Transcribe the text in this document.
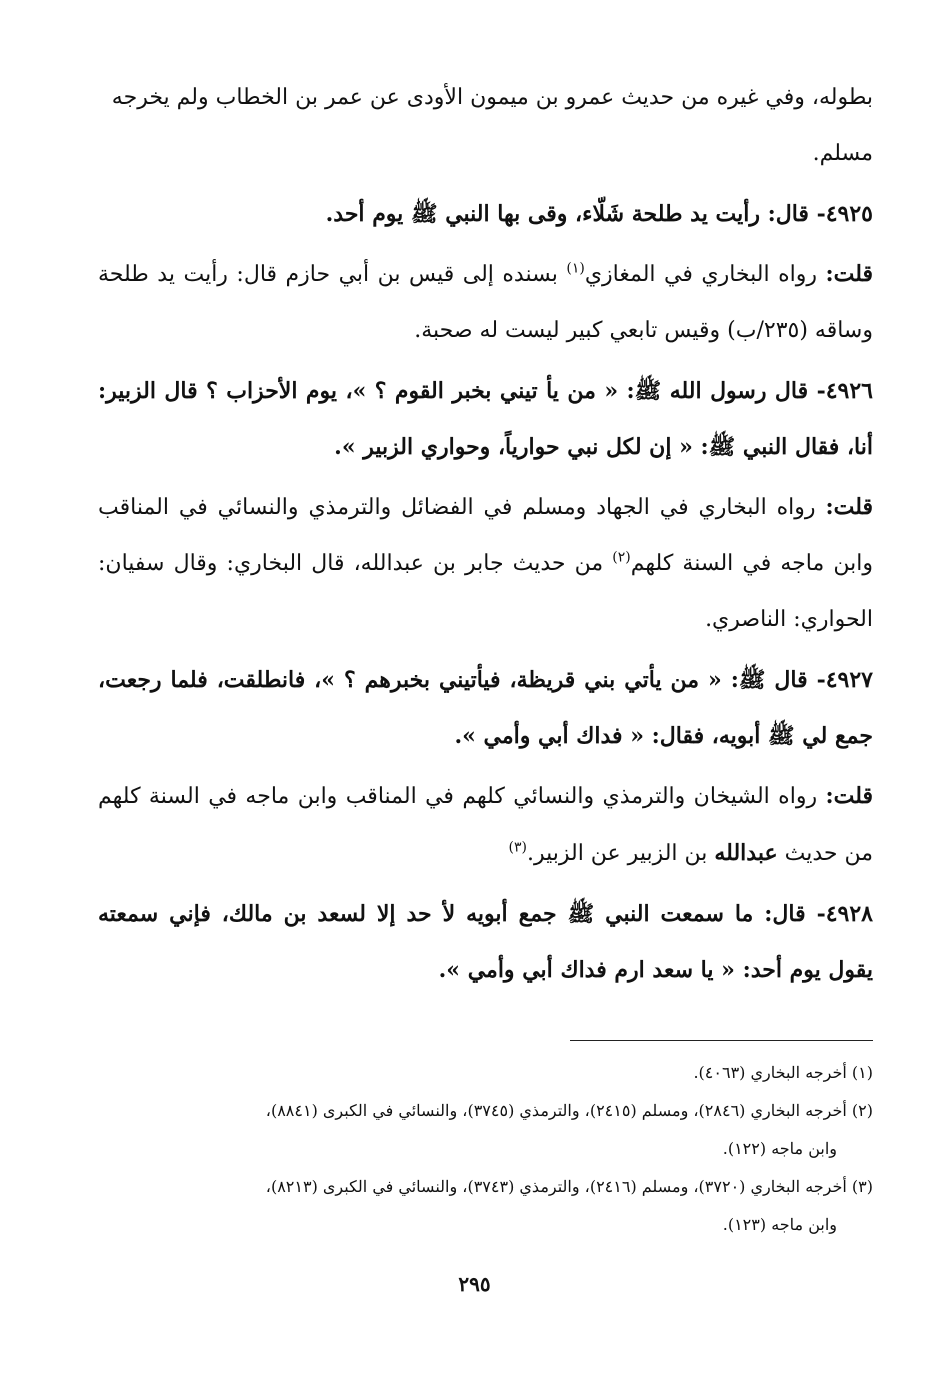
بطوله، وفي غيره من حديث عمرو بن ميمون الأودى عن عمر بن الخطاب ولم يخرجه
مسلم.

٤٩٢٥- قال: رأيت يد طلحة شَلّاء، وقى بها النبي ﷺ يوم أحد.

قلت: رواه البخاري في المغازي$^{(١)}$ بسنده إلى قيس بن أبي حازم قال: رأيت يد طلحة وساقه (٢٣٥/ب) وقيس تابعي كبير ليست له صحبة.

٤٩٢٦- قال رسول الله ﷺ: « من يأ تيني بخبر القوم ؟ »، يوم الأحزاب ؟ قال الزبير: أنا، فقال النبي ﷺ: « إن لكل نبي حوارياً، وحواري الزبير ».

قلت: رواه البخاري في الجهاد ومسلم في الفضائل والترمذي والنسائي في المناقب وابن ماجه في السنة كلهم$^{(٢)}$ من حديث جابر بن عبدالله، قال البخاري: وقال سفيان: الحواري: الناصري.

٤٩٢٧- قال ﷺ: « من يأتي بني قريظة، فيأتيني بخبرهم ؟ »، فانطلقت، فلما رجعت، جمع لي ﷺ أبويه، فقال: « فداك أبي وأمي ».

قلت: رواه الشيخان والترمذي والنسائي كلهم في المناقب وابن ماجه في السنة كلهم من حديث عبدالله بن الزبير عن الزبير.$^{(٣)}$

٤٩٢٨- قال: ما سمعت النبي ﷺ جمع أبويه لأ حد إلا لسعد بن مالك، فإني سمعته يقول يوم أحد: « يا سعد ارم فداك أبي وأمي ».

(١) أخرجه البخاري (٤٠٦٣).

(٢) أخرجه البخاري (٢٨٤٦)، ومسلم (٢٤١٥)، والترمذي (٣٧٤٥)، والنسائي في الكبرى (٨٨٤١)،

وابن ماجه (١٢٢).

(٣) أخرجه البخاري (٣٧٢٠)، ومسلم (٢٤١٦)، والترمذي (٣٧٤٣)، والنسائي في الكبرى (٨٢١٣)،

وابن ماجه (١٢٣).

٢٩٥
